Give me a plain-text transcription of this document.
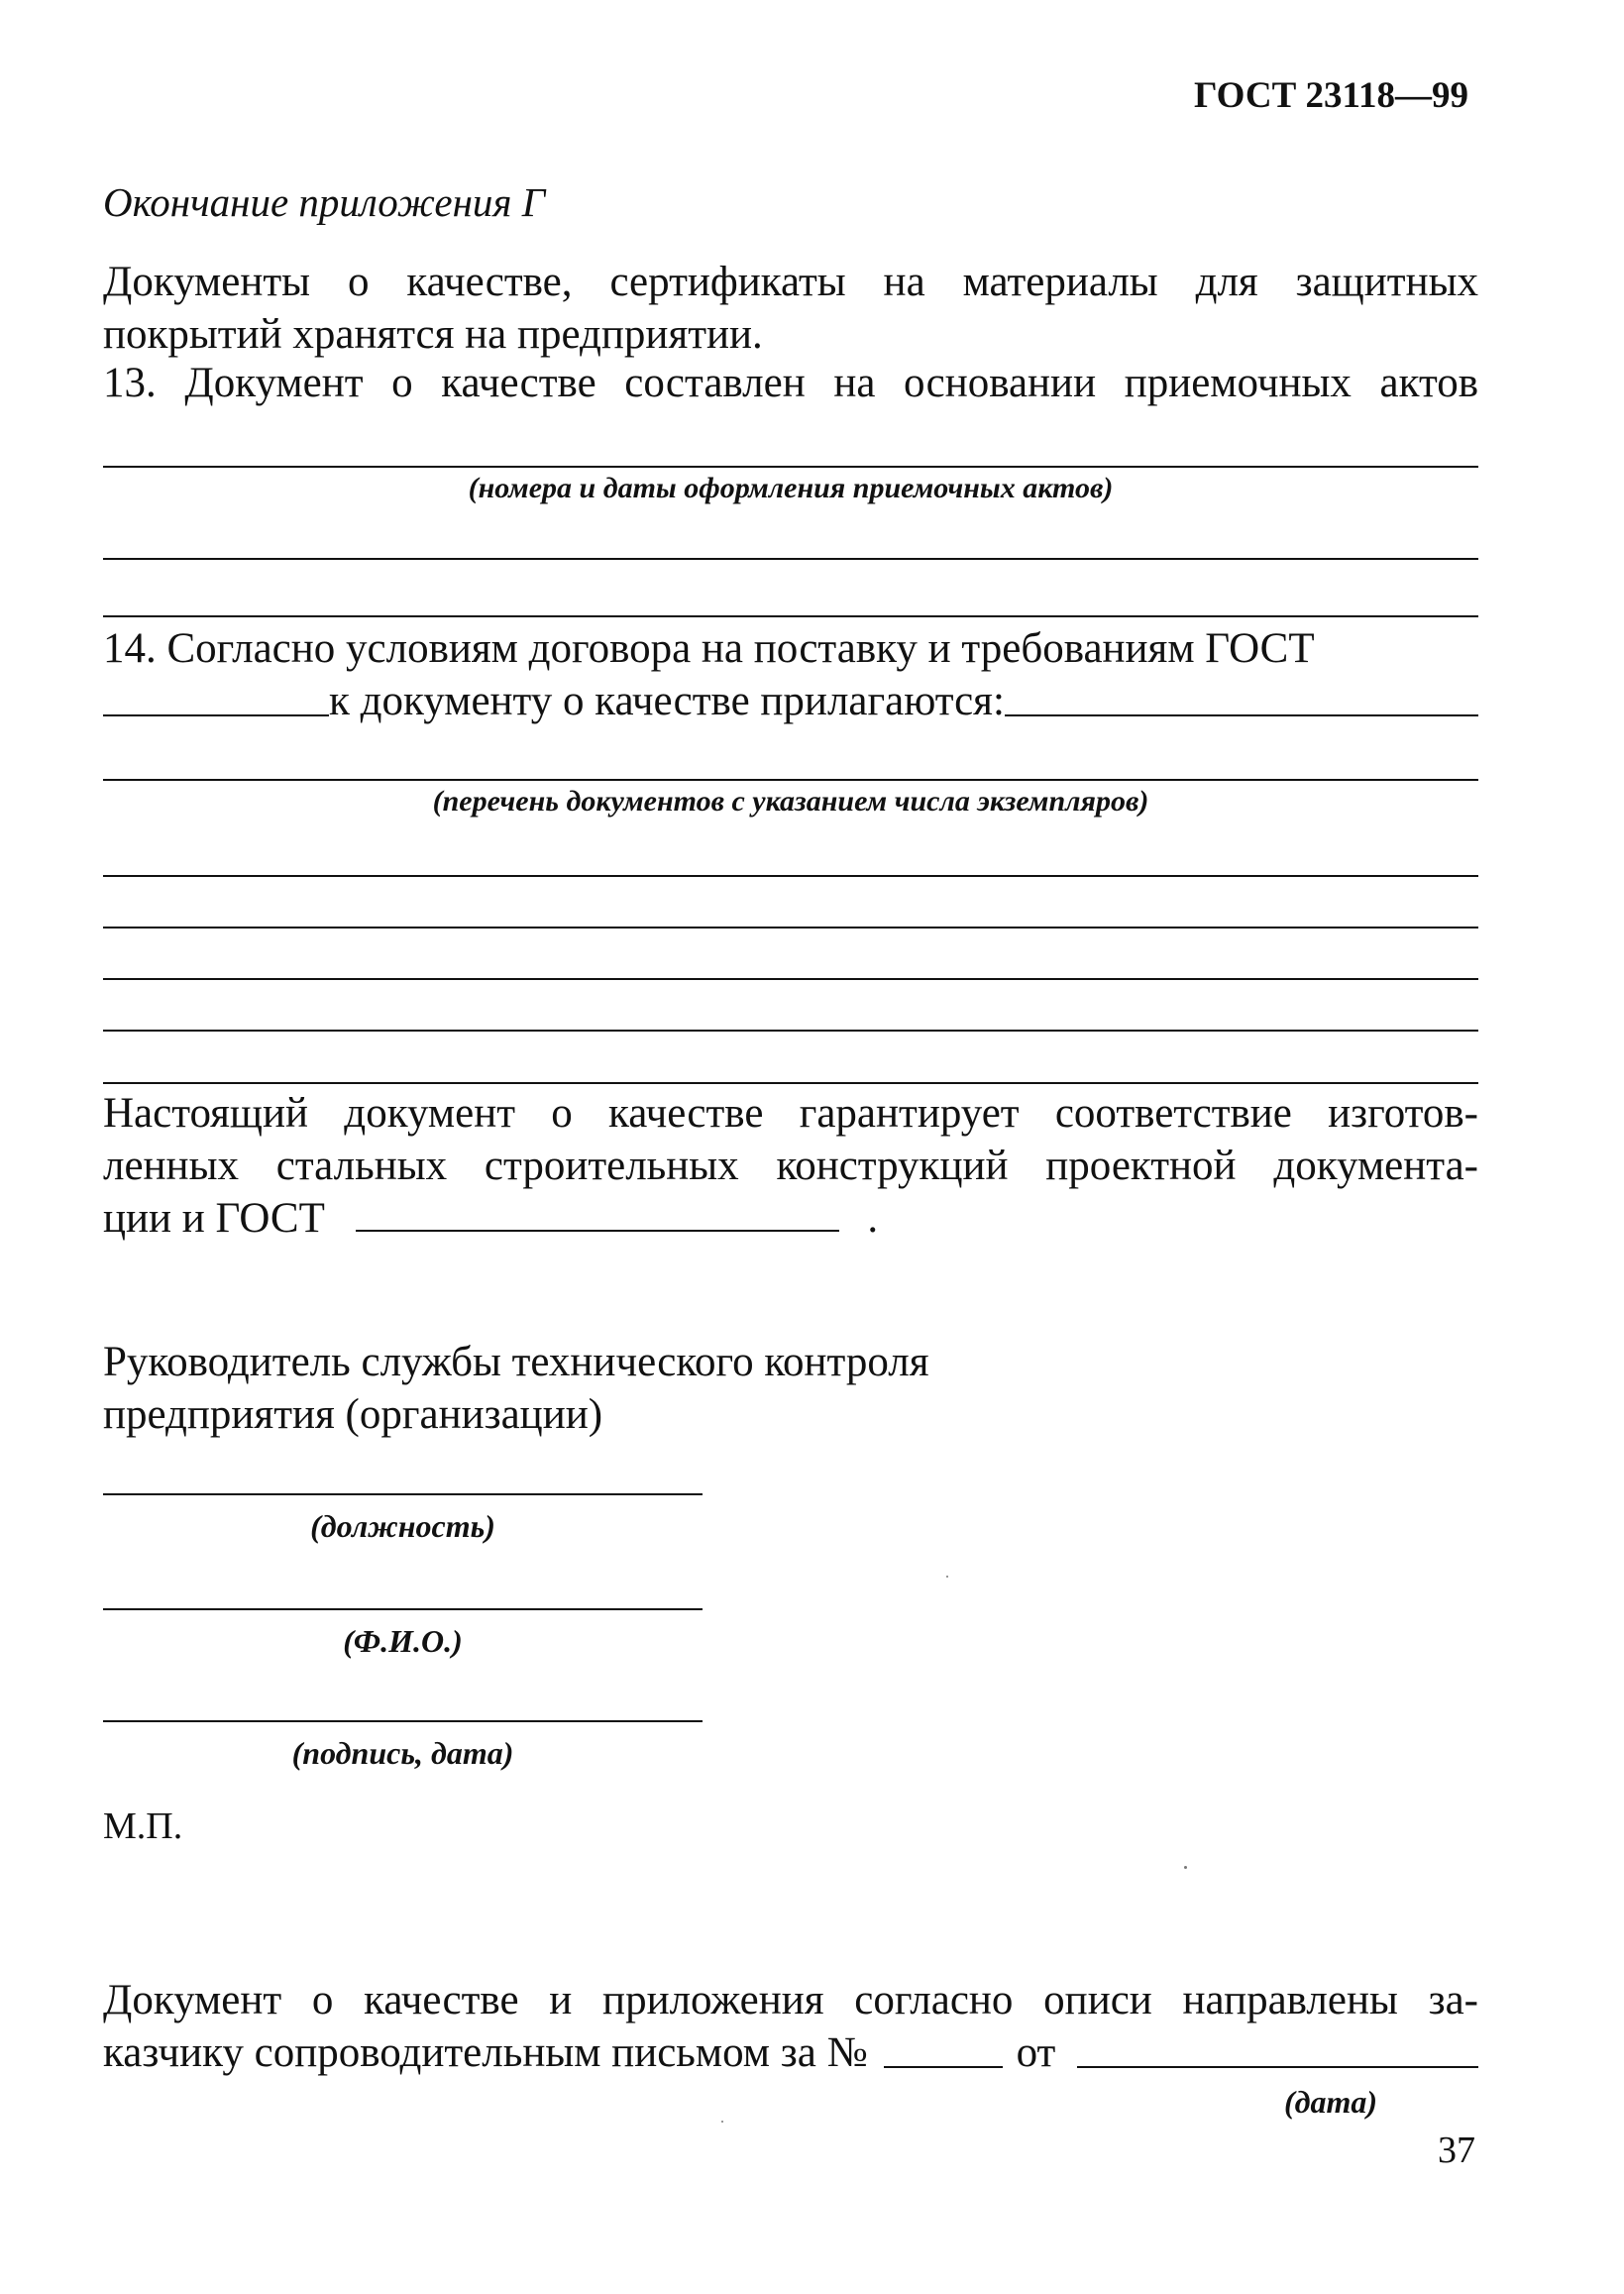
ГОСТ 23118—99
Окончание приложения Г
Документы о качестве, сертификаты на материалы для защитных
покрытий хранятся на предприятии.
13. Документ о качестве составлен на основании приемочных актов
(номера и даты оформления приемочных актов)
14. Согласно условиям договора на поставку и требованиям ГОСТ
к документу о качестве прилагаются:
(перечень документов с указанием числа экземпляров)
Настоящий документ о качестве гарантирует соответствие изготов-
ленных стальных строительных конструкций проектной документа-
ции и ГОСТ	.
Руководитель службы технического контроля
предприятия (организации)
(должность)
(Ф.И.О.)
(подпись, дата)
М.П.
Документ о качестве и приложения согласно описи направлены за-
казчику сопроводительным письмом за №	от
(дата)
37
